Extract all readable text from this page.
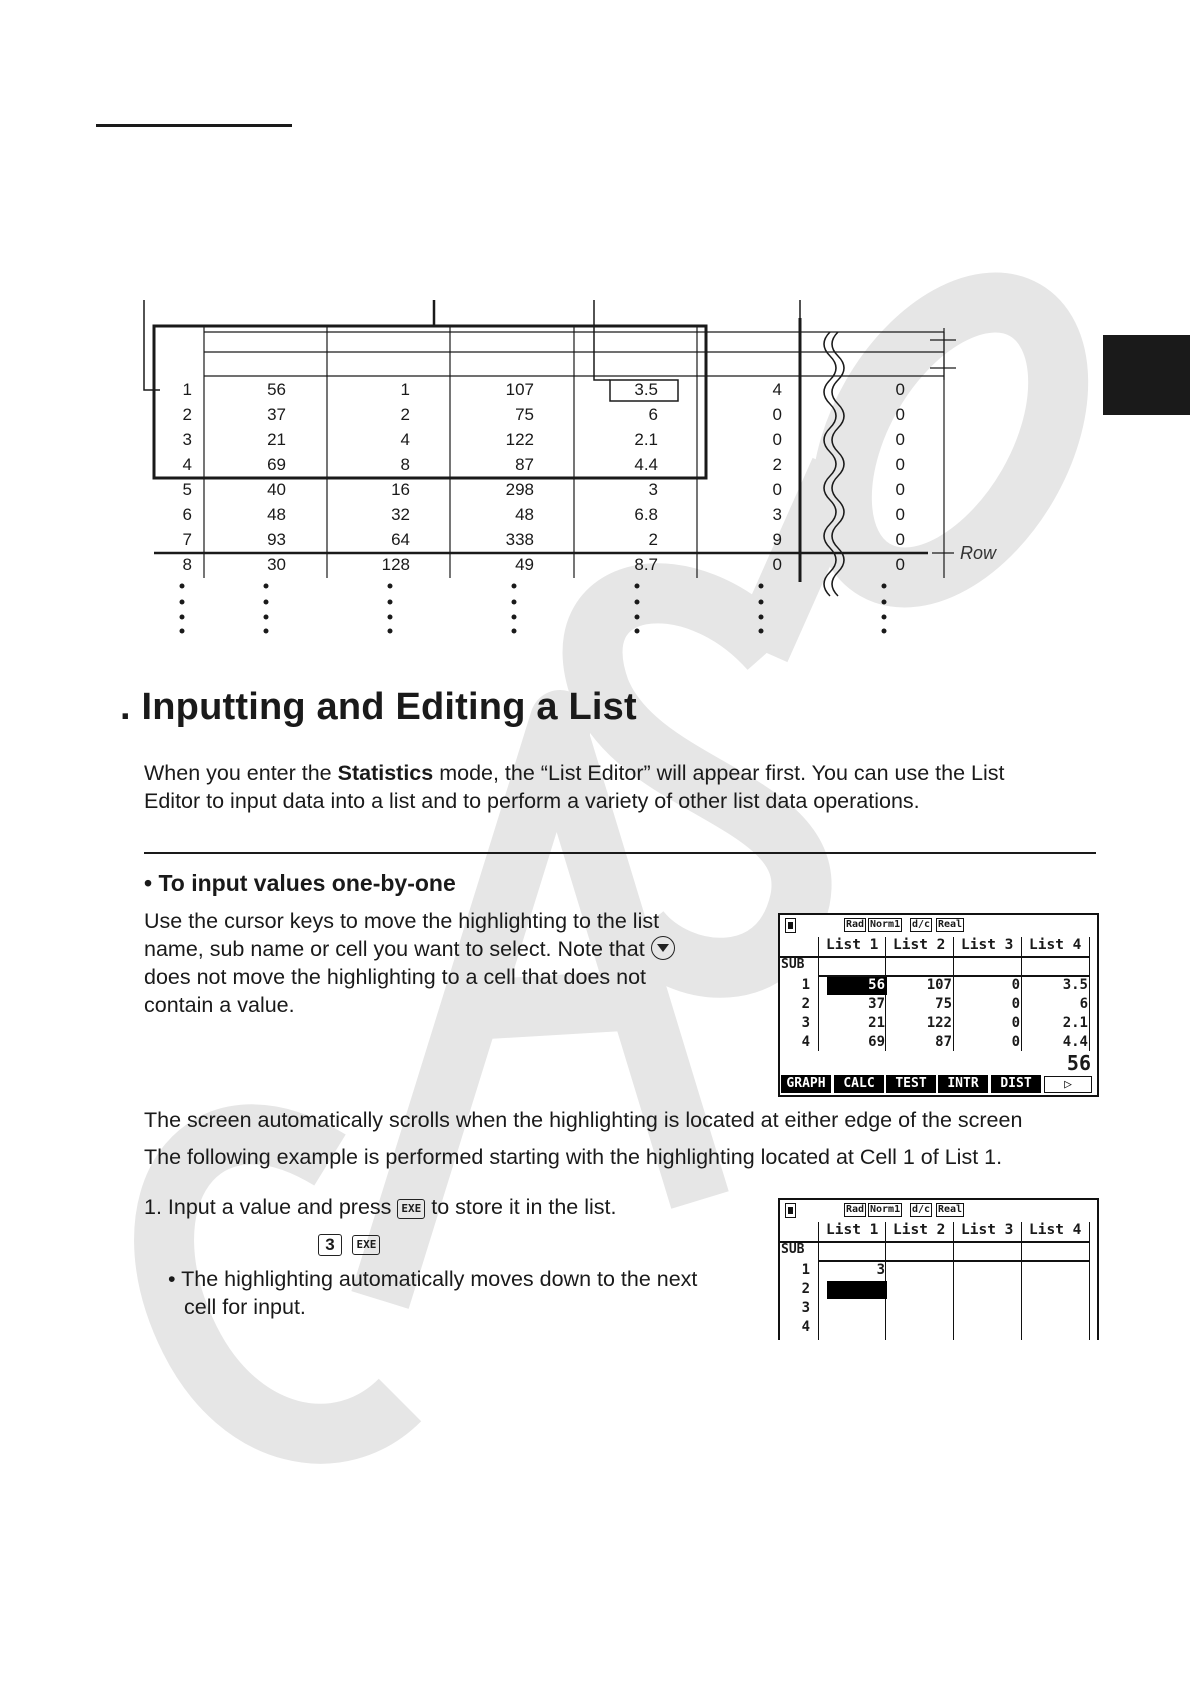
1	56	1	107	3.5	4	0
2	37	2	75	6	0	0
3	21	4	122	2.1	0	0
4	69	8	87	4.4	2	0
5	40	16	298	3	0	0
6	48	32	48	6.8	3	0
7	93	64	338	2	9	0
8	30	128	49	8.7	0	0
Row
. Inputting and Editing a List
When you enter the Statistics mode, the “List Editor” will appear first. You can use the List
Editor to input data into a list and to perform a variety of other list data operations.
• To input values one-by-one
Use the cursor keys to move the highlighting to the list
name, sub name or cell you want to select. Note that
does not move the highlighting to a cell that does not
contain a value.
Rad Norm1 d/c Real
List 1 List 2 List 3 List 4
SUB
1	56	107	0	3.5
2	37	75	0	6
3	21	122	0	2.1
4	69	87	0	4.4
56
GRAPH	CALC	TEST	INTR	DIST	▷
The screen automatically scrolls when the highlighting is located at either edge of the screen
The following example is performed starting with the highlighting located at Cell 1 of List 1.
1. Input a value and press EXE to store it in the list.
3 EXE
• The highlighting automatically moves down to the next
cell for input.
Rad Norm1 d/c Real
List 1 List 2 List 3 List 4
SUB
1	3
2
3
4
